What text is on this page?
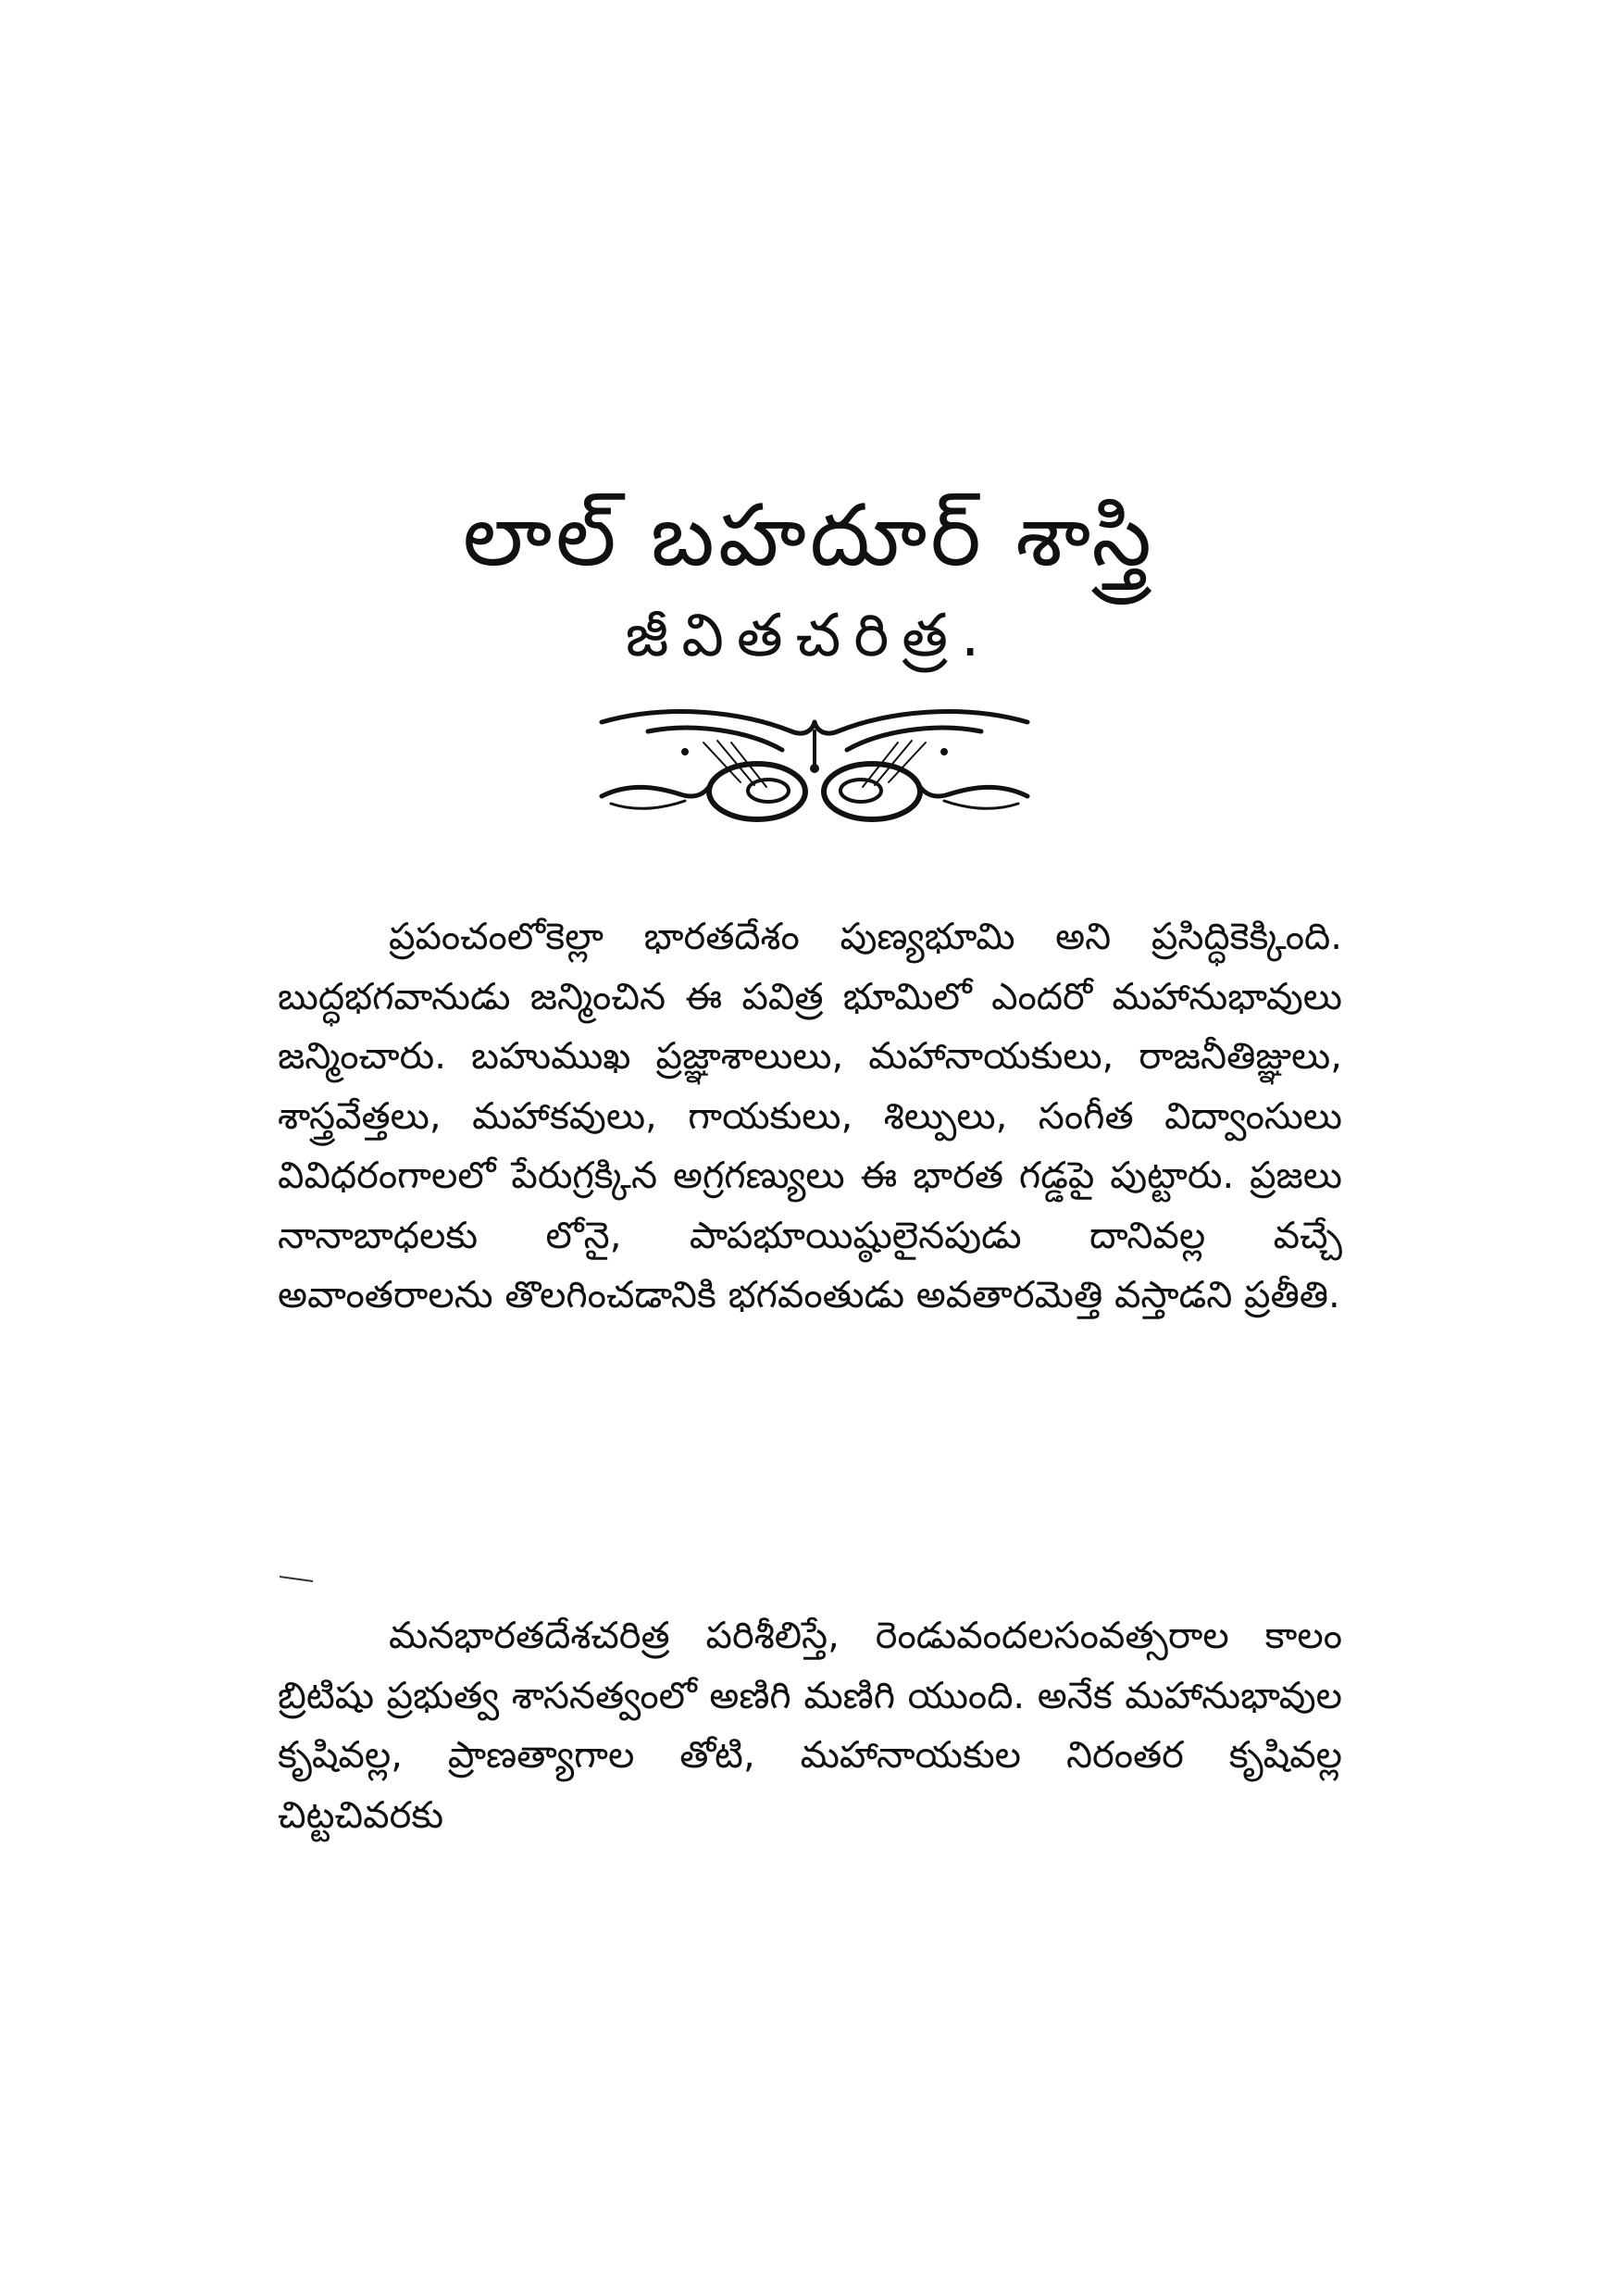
లాల్ బహదూర్ శాస్త్రి
జీవితచరిత్ర.

ప్రపంచంలోకెల్లా భారతదేశం పుణ్యభూమి అని ప్రసిద్ధికెక్కింది. బుద్ధభగవానుడు జన్మించిన ఈ పవిత్ర భూమిలో ఎందరో మహానుభావులు జన్మించారు. బహుముఖ ప్రజ్ఞాశాలులు, మహానాయకులు, రాజనీతిజ్ఞులు, శాస్త్రవేత్తలు, మహాకవులు, గాయకులు, శిల్పులు, సంగీత విద్వాంసులు వివిధరంగాలలో పేరుగ్రక్కిన అగ్రగణ్యులు ఈ భారత గడ్డపై పుట్టారు. ప్రజలు నానాబాధలకు లోనై, పాపభూయిష్ఠులైనపుడు దానివల్ల వచ్చే అవాంతరాలను తొలగించడానికి భగవంతుడు అవతారమెత్తి వస్తాడని ప్రతీతి.

మనభారతదేశచరిత్ర పరిశీలిస్తే, రెండువందలసంవత్సరాల కాలం బ్రిటిషు ప్రభుత్వ శాసనత్వంలో అణిగి మణిగి యుంది. అనేక మహానుభావుల కృషివల్ల, ప్రాణత్యాగాల తోటి, మహానాయకుల నిరంతర కృషివల్ల చిట్టచివరకు
